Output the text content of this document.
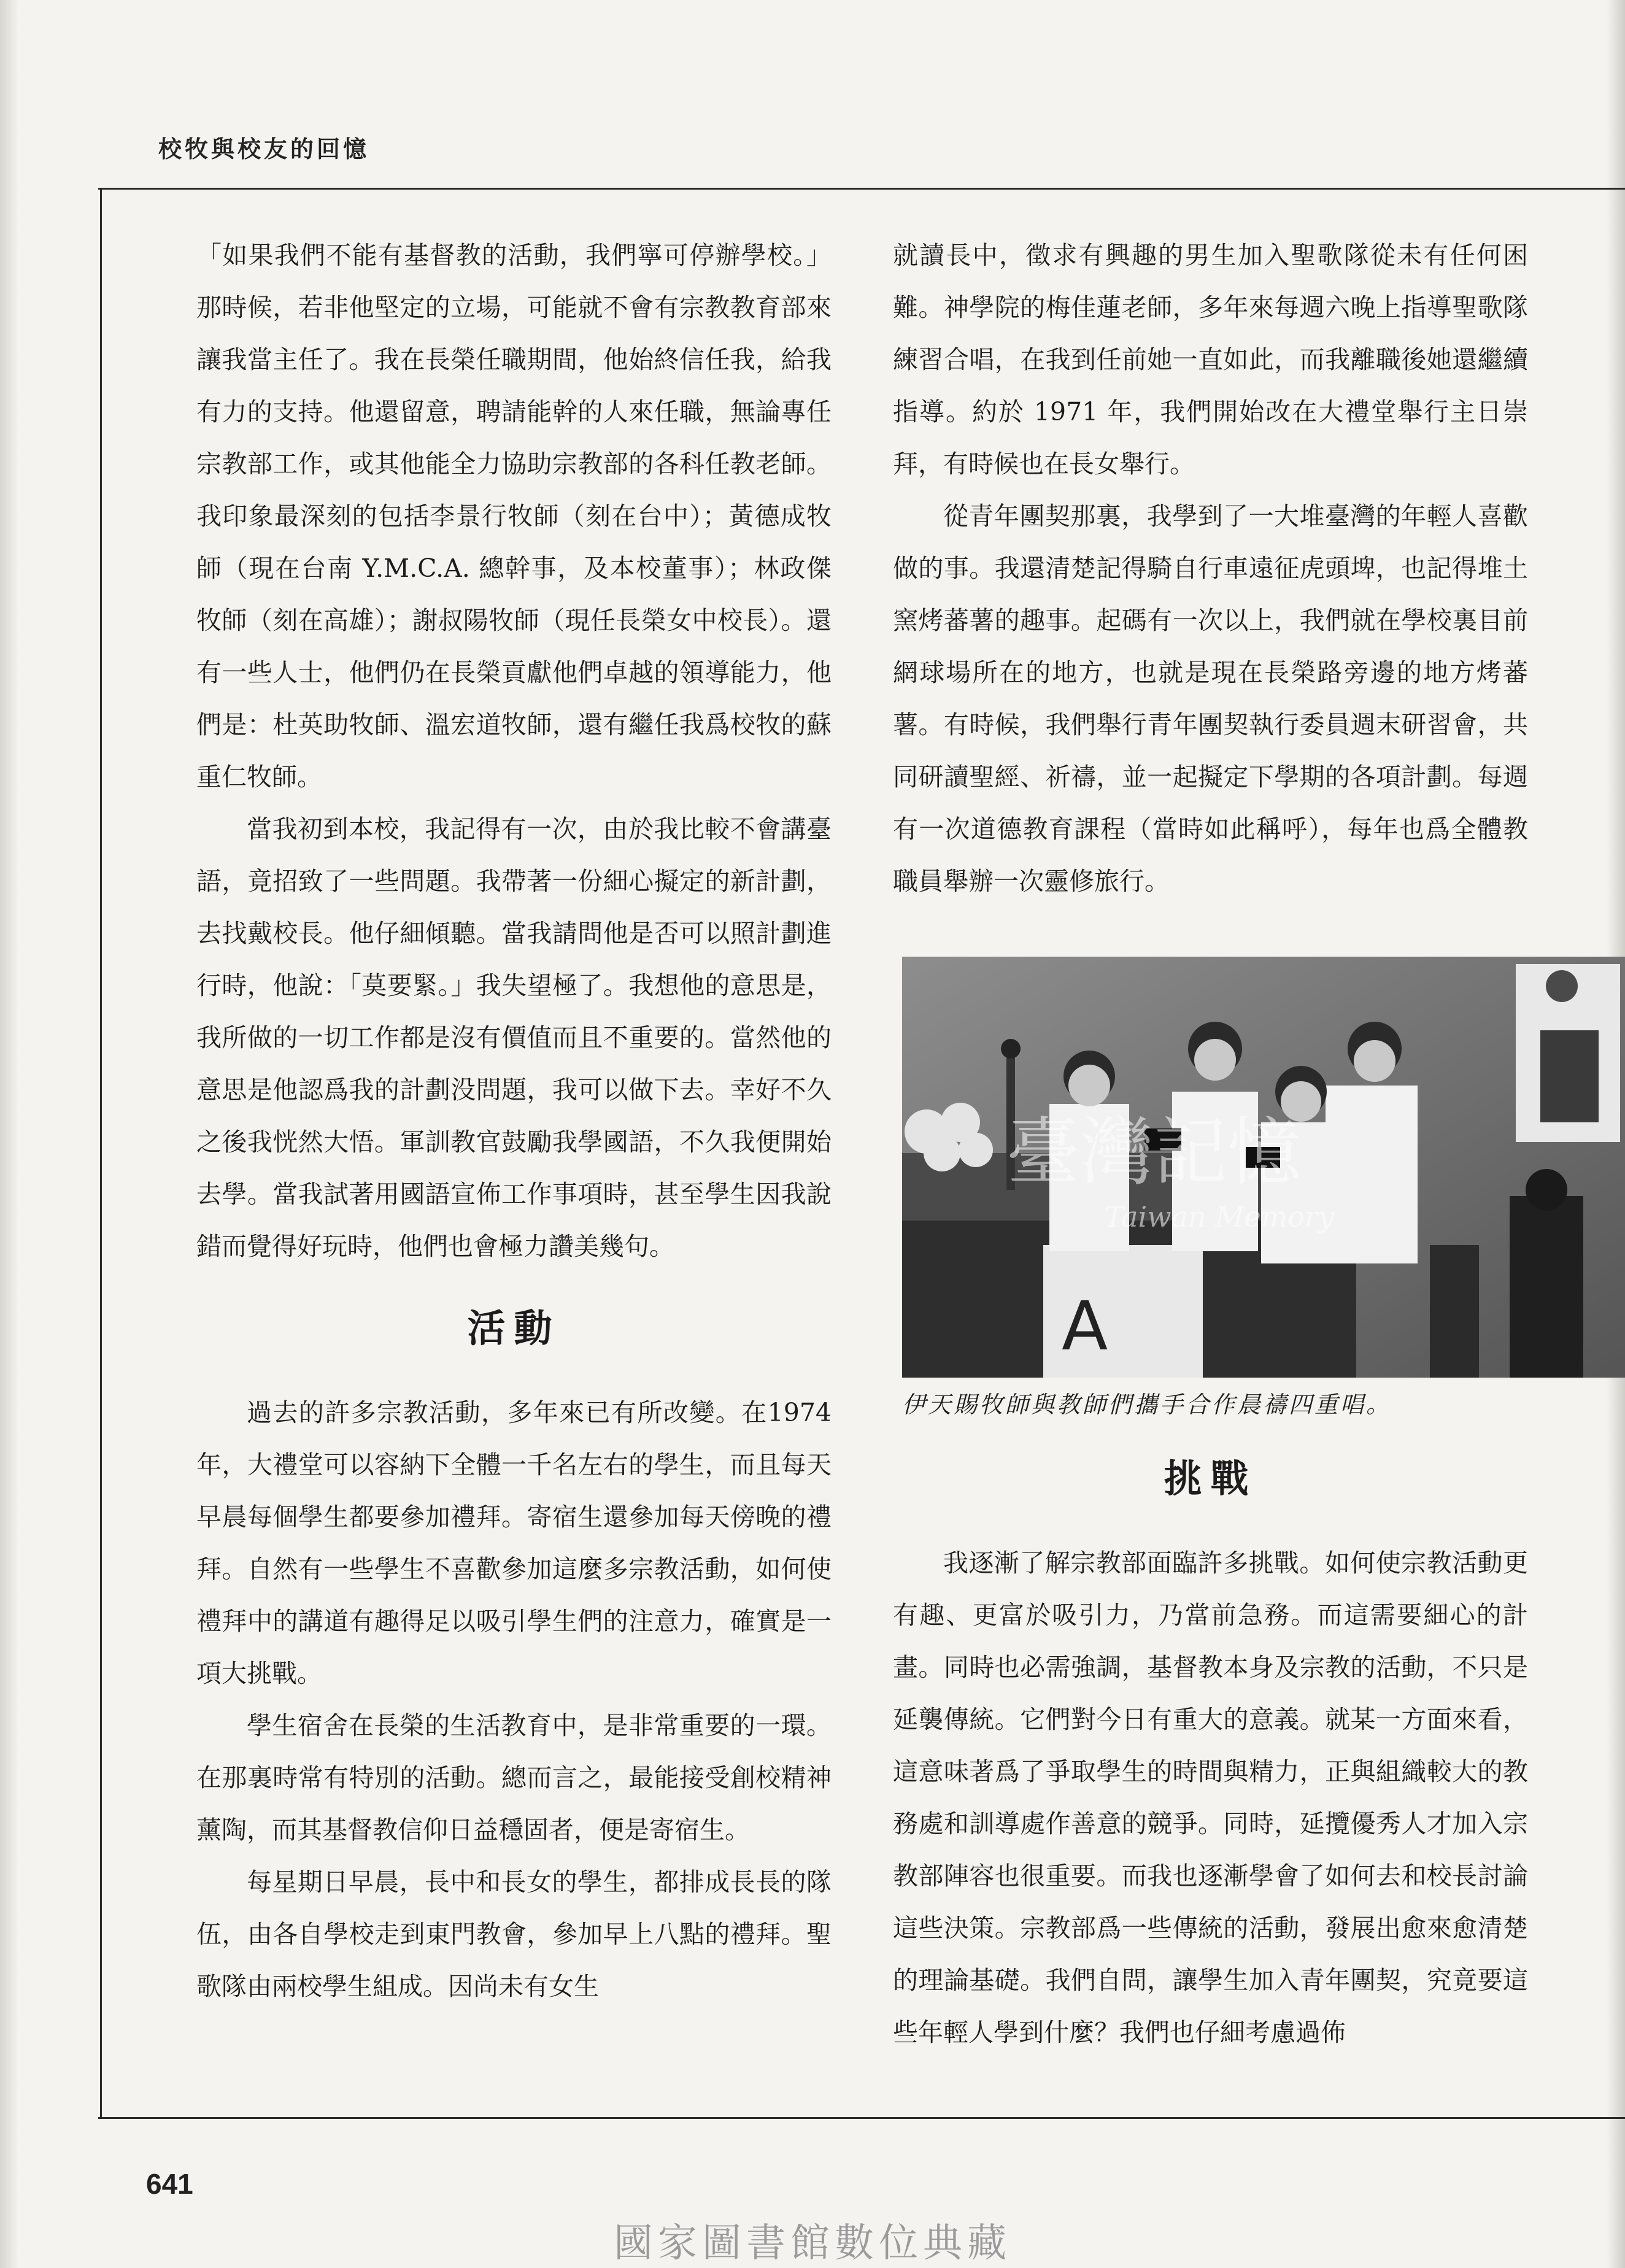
校牧與校友的回憶

「如果我們不能有基督教的活動，我們寧可停辦學校。」那時候，若非他堅定的立場，可能就不會有宗教教育部來讓我當主任了。我在長榮任職期間，他始終信任我，給我有力的支持。他還留意，聘請能幹的人來任職，無論專任宗教部工作，或其他能全力協助宗教部的各科任教老師。我印象最深刻的包括李景行牧師（刻在台中）；黃德成牧師（現在台南 Y.M.C.A. 總幹事，及本校董事）；林政傑牧師（刻在高雄）；謝叔陽牧師（現任長榮女中校長）。還有一些人士，他們仍在長榮貢獻他們卓越的領導能力，他們是：杜英助牧師、溫宏道牧師，還有繼任我爲校牧的蘇重仁牧師。

當我初到本校，我記得有一次，由於我比較不會講臺語，竟招致了一些問題。我帶著一份細心擬定的新計劃，去找戴校長。他仔細傾聽。當我請問他是否可以照計劃進行時，他說：「莫要緊。」我失望極了。我想他的意思是，我所做的一切工作都是沒有價值而且不重要的。當然他的意思是他認爲我的計劃没問題，我可以做下去。幸好不久之後我恍然大悟。軍訓教官鼓勵我學國語，不久我便開始去學。當我試著用國語宣佈工作事項時，甚至學生因我說錯而覺得好玩時，他們也會極力讚美幾句。

活動

過去的許多宗教活動，多年來已有所改變。在1974年，大禮堂可以容納下全體一千名左右的學生，而且每天早晨每個學生都要參加禮拜。寄宿生還參加每天傍晚的禮拜。自然有一些學生不喜歡參加這麼多宗教活動，如何使禮拜中的講道有趣得足以吸引學生們的注意力，確實是一項大挑戰。

學生宿舍在長榮的生活教育中，是非常重要的一環。在那裏時常有特別的活動。總而言之，最能接受創校精神薰陶，而其基督教信仰日益穩固者，便是寄宿生。

每星期日早晨，長中和長女的學生，都排成長長的隊伍，由各自學校走到東門教會，參加早上八點的禮拜。聖歌隊由兩校學生組成。因尚未有女生

就讀長中，徵求有興趣的男生加入聖歌隊從未有任何困難。神學院的梅佳蓮老師，多年來每週六晚上指導聖歌隊練習合唱，在我到任前她一直如此，而我離職後她還繼續指導。約於 1971 年，我們開始改在大禮堂舉行主日崇拜，有時候也在長女舉行。

從青年團契那裏，我學到了一大堆臺灣的年輕人喜歡做的事。我還清楚記得騎自行車遠征虎頭埤，也記得堆土窯烤蕃薯的趣事。起碼有一次以上，我們就在學校裏目前網球場所在的地方，也就是現在長榮路旁邊的地方烤蕃薯。有時候，我們舉行青年團契執行委員週末研習會，共同研讀聖經、祈禱，並一起擬定下學期的各項計劃。每週有一次道德教育課程（當時如此稱呼），每年也爲全體教職員舉辦一次靈修旅行。

A
臺灣記憶
Taiwan Memory
伊天賜牧師與教師們攜手合作晨禱四重唱。
挑戰

我逐漸了解宗教部面臨許多挑戰。如何使宗教活動更有趣、更富於吸引力，乃當前急務。而這需要細心的計畫。同時也必需強調，基督教本身及宗教的活動，不只是延襲傳統。它們對今日有重大的意義。就某一方面來看，這意味著爲了爭取學生的時間與精力，正與組織較大的教務處和訓導處作善意的競爭。同時，延攬優秀人才加入宗教部陣容也很重要。而我也逐漸學會了如何去和校長討論這些決策。宗教部爲一些傳統的活動，發展出愈來愈清楚的理論基礎。我們自問，讓學生加入青年團契，究竟要這些年輕人學到什麼？我們也仔細考慮過佈

641
國家圖書館數位典藏
